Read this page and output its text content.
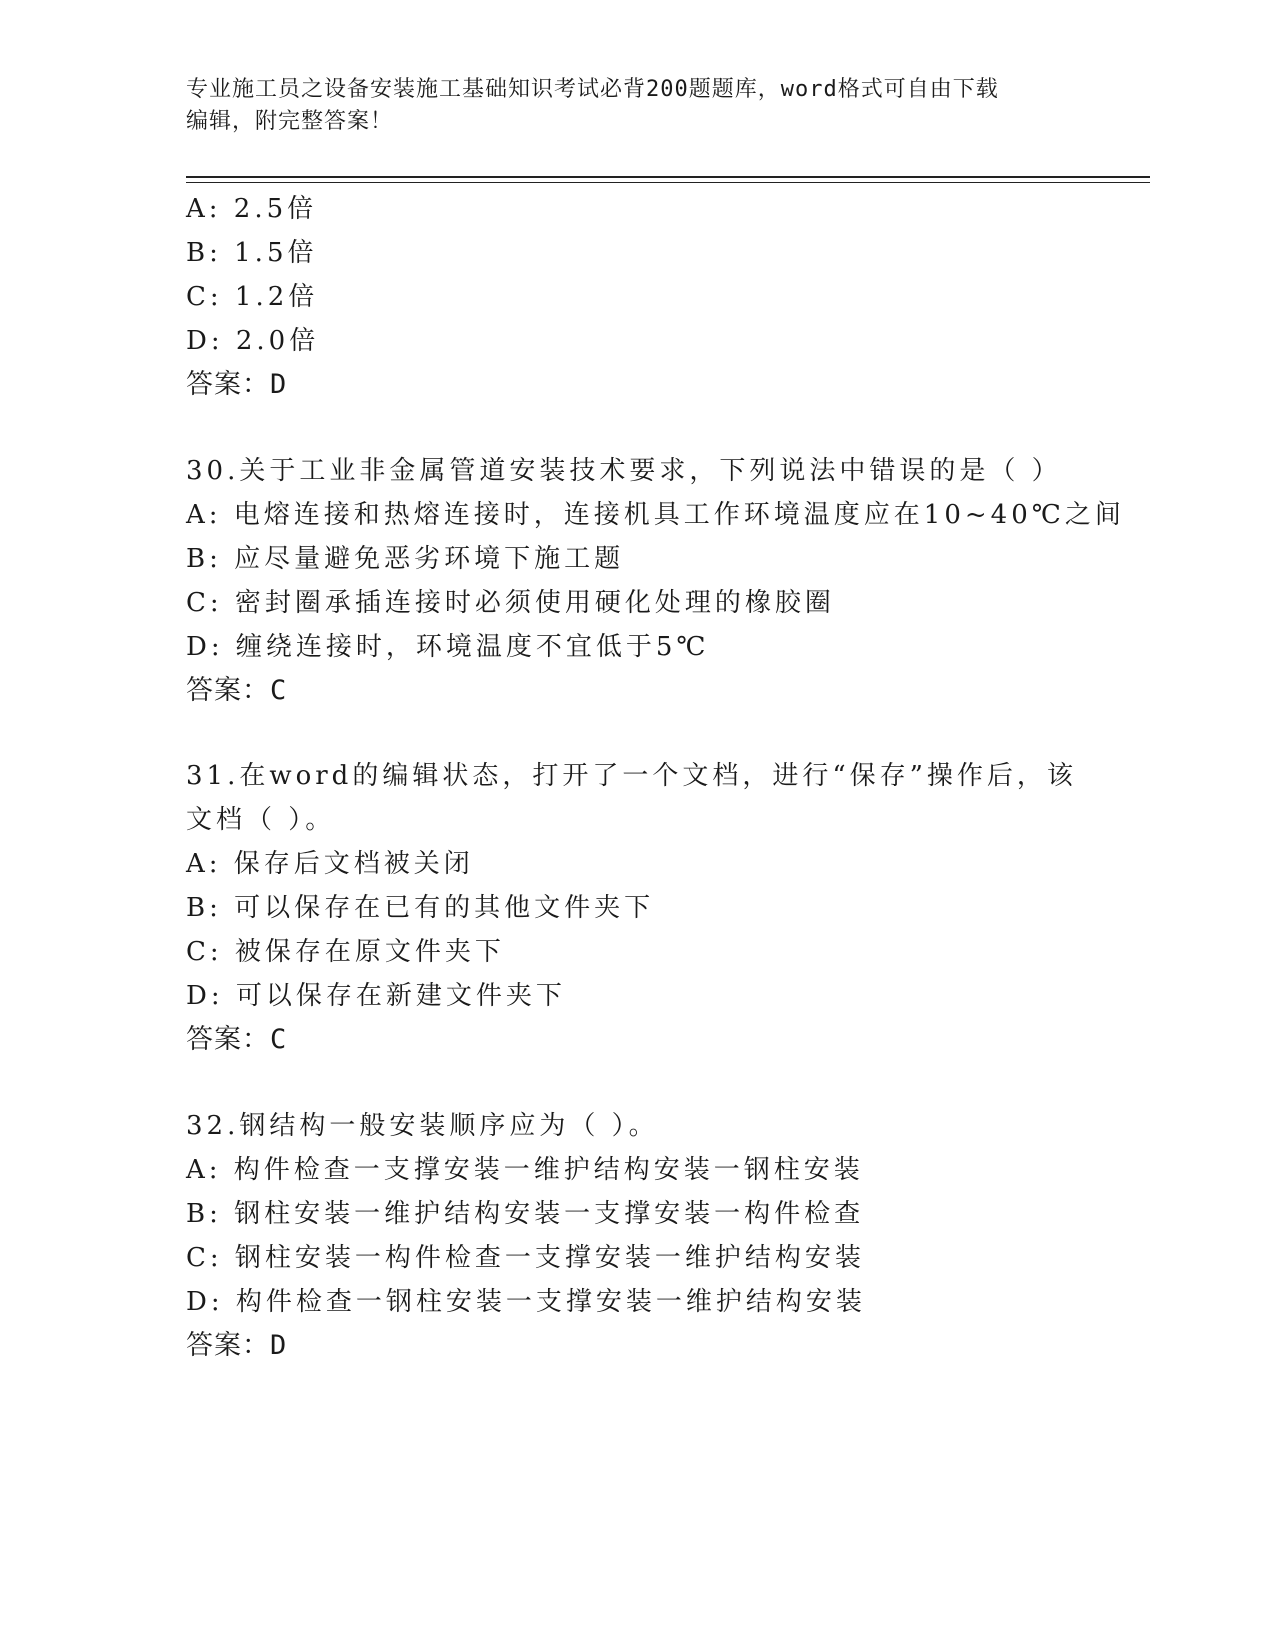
专业施工员之设备安装施工基础知识考试必背200题题库，word格式可自由下载
编辑，附完整答案！
A: 2.5倍
B: 1.5倍
C: 1.2倍
D: 2.0倍
答案：D
30.关于工业非金属管道安装技术要求，下列说法中错误的是（ ）
A: 电熔连接和热熔连接时，连接机具工作环境温度应在10~40℃之间
B: 应尽量避免恶劣环境下施工题
C: 密封圈承插连接时必须使用硬化处理的橡胶圈
D: 缠绕连接时，环境温度不宜低于5℃
答案：C
31.在word的编辑状态，打开了一个文档，进行“保存”操作后，该
文档（ ）。
A: 保存后文档被关闭
B: 可以保存在已有的其他文件夹下
C: 被保存在原文件夹下
D: 可以保存在新建文件夹下
答案：C
32.钢结构一般安装顺序应为（ ）。
A: 构件检查一支撑安装一维护结构安装一钢柱安装
B: 钢柱安装一维护结构安装一支撑安装一构件检查
C: 钢柱安装一构件检查一支撑安装一维护结构安装
D: 构件检查一钢柱安装一支撑安装一维护结构安装
答案：D
